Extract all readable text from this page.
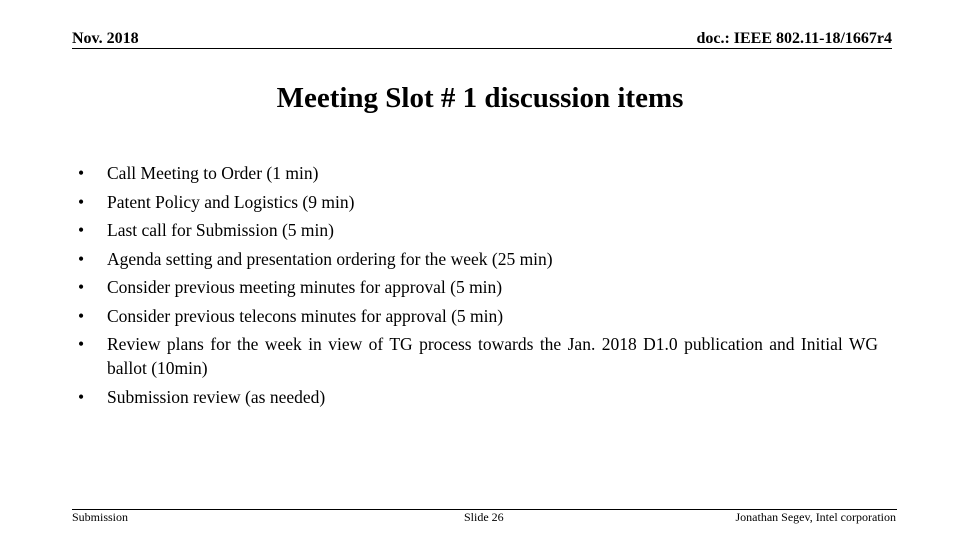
Nov. 2018	doc.: IEEE 802.11-18/1667r4
Meeting Slot # 1 discussion items
• Call Meeting to Order (1 min)
• Patent Policy and Logistics (9 min)
• Last call for Submission (5 min)
• Agenda setting and presentation ordering for the week (25 min)
• Consider previous meeting minutes for approval (5 min)
• Consider previous telecons minutes for approval (5 min)
• Review plans for the week in view of TG process towards the Jan. 2018 D1.0 publication and Initial WG ballot (10min)
• Submission review (as needed)
Submission	Slide 26	Jonathan Segev, Intel corporation
